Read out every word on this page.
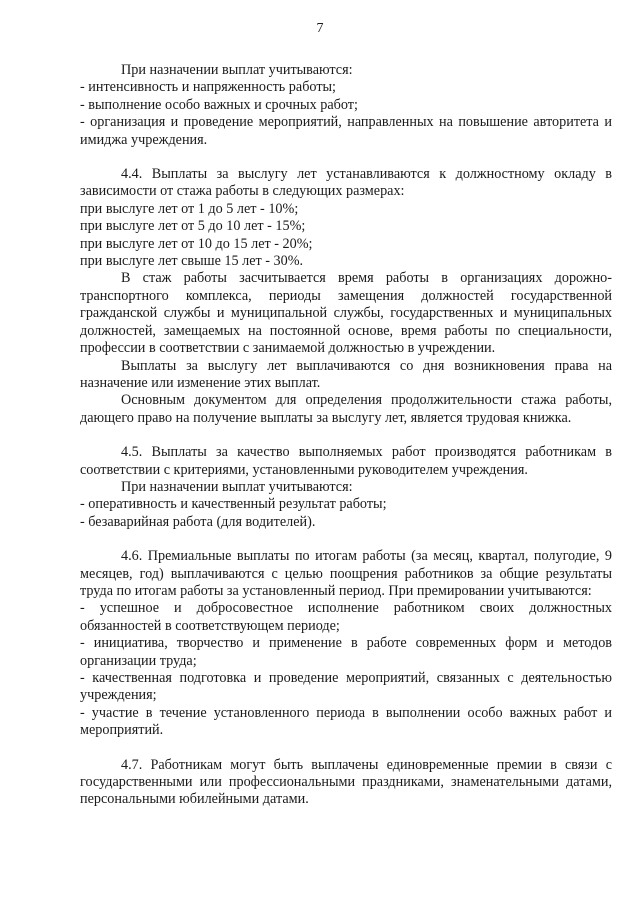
7

При назначении выплат учитываются:

- интенсивность и напряженность работы;

- выполнение особо важных и срочных работ;

- организация и проведение мероприятий, направленных на повышение авторитета и имиджа учреждения.

4.4. Выплаты за выслугу лет устанавливаются к должностному окладу в зависимости от стажа работы в следующих размерах:

при выслуге лет от 1 до 5 лет - 10%;

при выслуге лет от 5 до 10 лет - 15%;

при выслуге лет от 10 до 15 лет - 20%;

при выслуге лет свыше 15 лет - 30%.

В стаж работы засчитывается время работы в организациях дорожно-транспортного комплекса, периоды замещения должностей государственной гражданской службы и муниципальной службы, государственных и муниципальных должностей, замещаемых на постоянной основе, время работы по специальности, профессии в соответствии с занимаемой должностью в учреждении.

Выплаты за выслугу лет выплачиваются со дня возникновения права на назначение или изменение этих выплат.

Основным документом для определения продолжительности стажа работы, дающего право на получение выплаты за выслугу лет, является трудовая книжка.

4.5. Выплаты за качество выполняемых работ производятся работникам в соответствии с критериями, установленными руководителем учреждения.

При назначении выплат учитываются:

- оперативность и качественный результат работы;

- безаварийная работа (для водителей).

4.6. Премиальные выплаты по итогам работы (за месяц, квартал, полугодие, 9 месяцев, год) выплачиваются с целью поощрения работников за общие результаты труда по итогам работы за установленный период. При премировании учитываются:

- успешное и добросовестное исполнение работником своих должностных обязанностей в соответствующем периоде;

- инициатива, творчество и применение в работе современных форм и методов организации труда;

- качественная подготовка и проведение мероприятий, связанных с деятельностью учреждения;

- участие в течение установленного периода в выполнении особо важных работ и мероприятий.

4.7. Работникам могут быть выплачены единовременные премии в связи с государственными или профессиональными праздниками, знаменательными датами, персональными юбилейными датами.
